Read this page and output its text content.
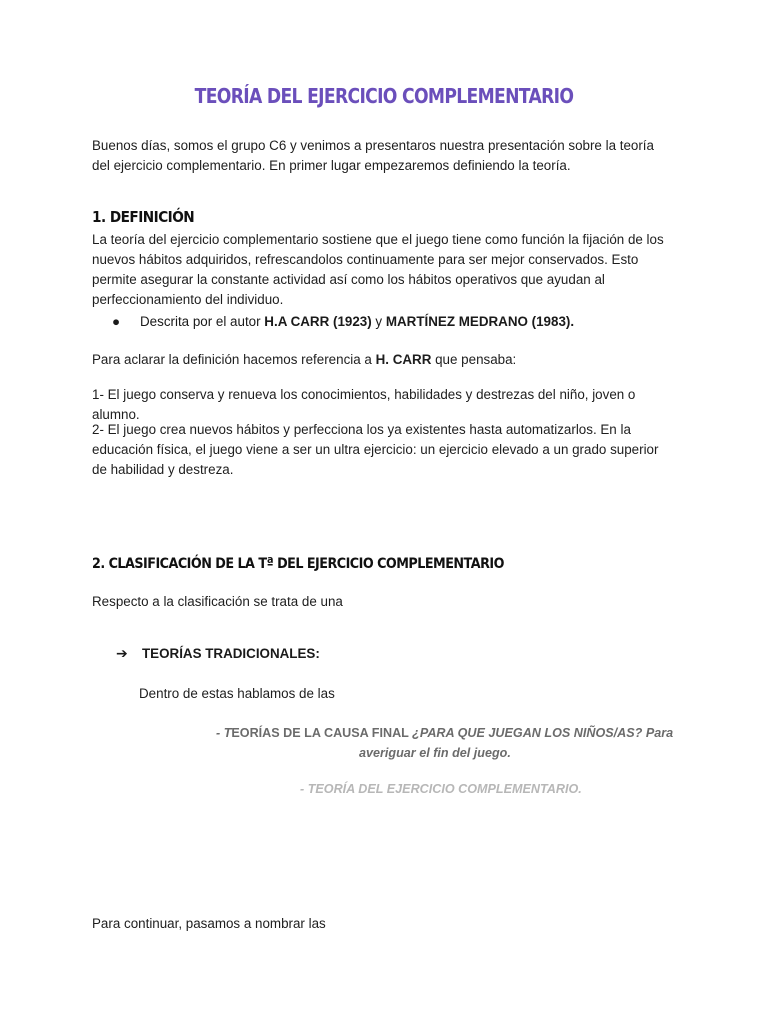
TEORÍA DEL EJERCICIO COMPLEMENTARIO
Buenos días, somos el grupo C6 y venimos a presentaros nuestra presentación sobre la teoría del ejercicio complementario. En primer lugar empezaremos definiendo la teoría.
1. DEFINICIÓN
La teoría del ejercicio complementario sostiene que el juego tiene como función la fijación de los nuevos hábitos adquiridos, refrescandolos continuamente para ser mejor conservados. Esto permite asegurar la constante actividad así como los hábitos operativos que ayudan al perfeccionamiento del individuo.
● Descrita por el autor H.A CARR (1923) y MARTÍNEZ MEDRANO (1983).
Para aclarar la definición hacemos referencia a H. CARR que pensaba:
1- El juego conserva y renueva los conocimientos, habilidades y destrezas del niño, joven o alumno.
2- El juego crea nuevos hábitos y perfecciona los ya existentes hasta automatizarlos. En la educación física, el juego viene a ser un ultra ejercicio: un ejercicio elevado a un grado superior de habilidad y destreza.
2. CLASIFICACIÓN DE LA Tª DEL EJERCICIO COMPLEMENTARIO
Respecto a la clasificación se trata de una
➔ TEORÍAS TRADICIONALES:
Dentro de estas hablamos de las
- TEORÍAS DE LA CAUSA FINAL ¿PARA QUE JUEGAN LOS NIÑOS/AS? Para
averiguar el fin del juego.
- TEORÍA DEL EJERCICIO COMPLEMENTARIO.
Para continuar, pasamos a nombrar las
